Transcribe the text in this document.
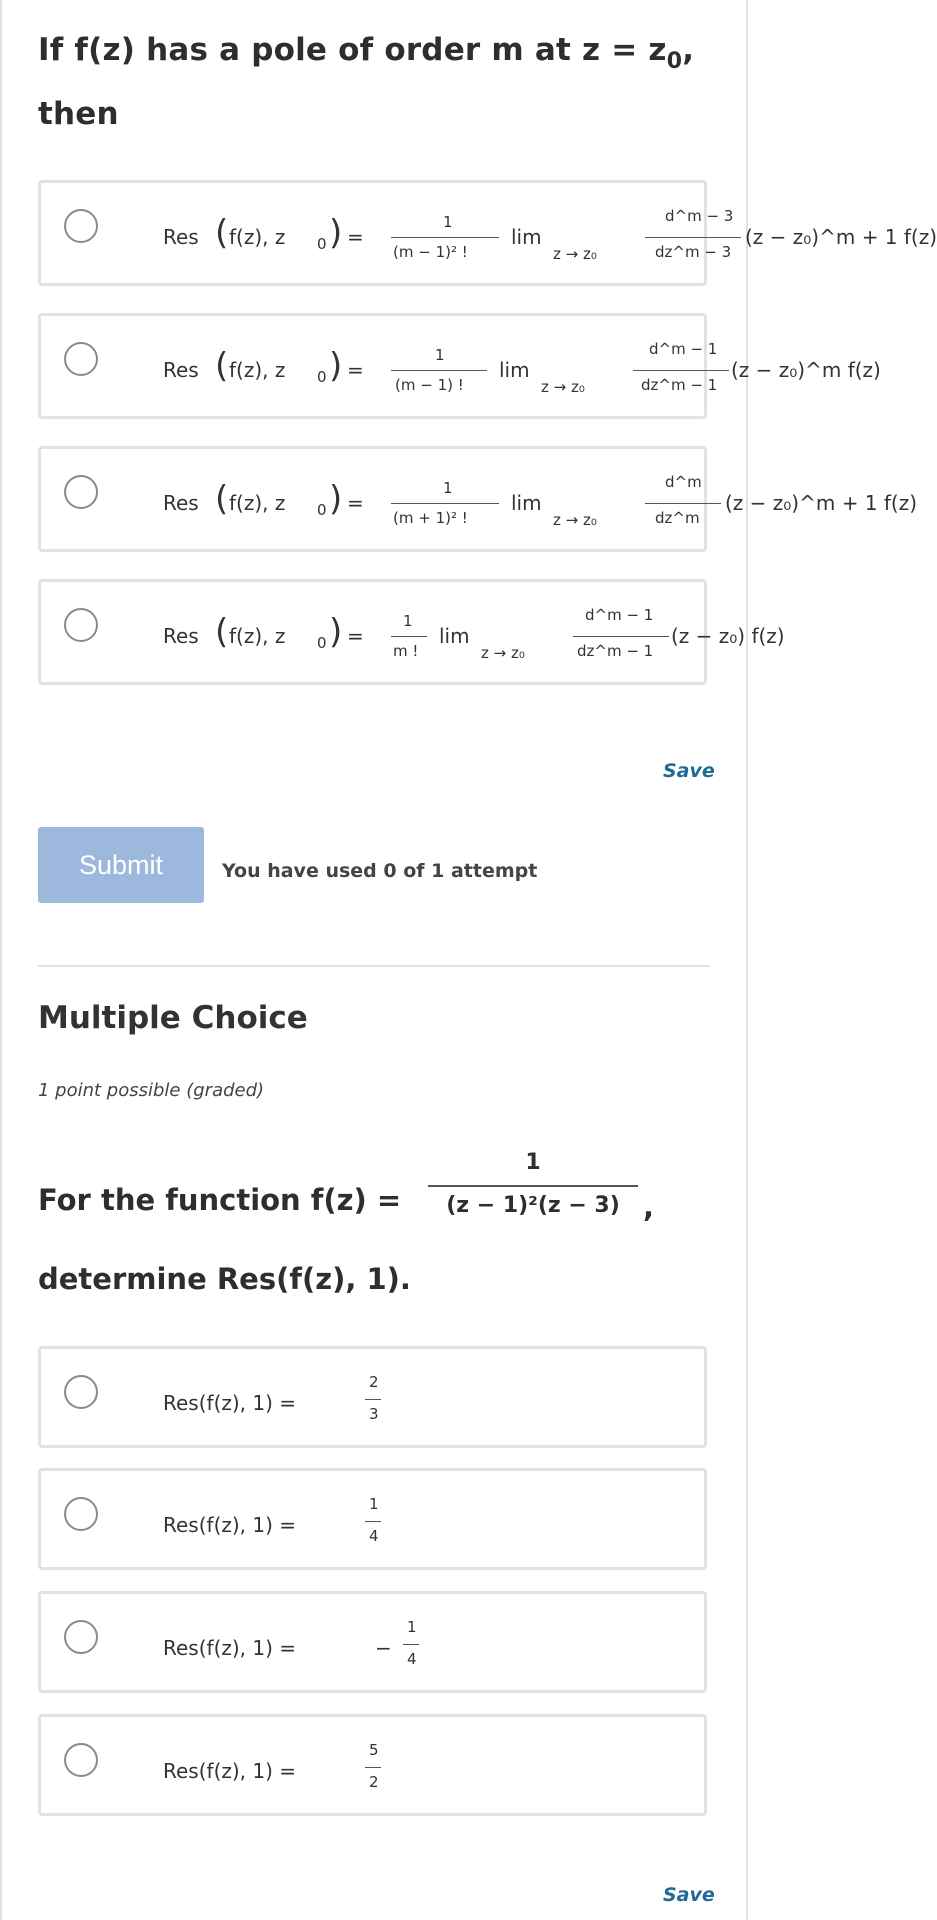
If f(z) has a pole of order m at $z = z_0$,
then
Res ( f(z), z 0 ) =
1
(m − 1)² !
lim
z → z₀
d^m − 3
dz^m − 3
(z − z₀)^m + 1 f(z)
Res ( f(z), z 0 ) =
1
(m − 1) !
lim
z → z₀
d^m − 1
dz^m − 1
(z − z₀)^m f(z)
Res ( f(z), z 0 ) =
1
(m + 1)² !
lim
z → z₀
d^m
dz^m
(z − z₀)^m + 1 f(z)
Res ( f(z), z 0 ) =
1
m !
lim
z → z₀
d^m − 1
dz^m − 1
(z − z₀) f(z)
Save
Submit	You have used 0 of 1 attempt
Multiple Choice
1 point possible (graded)
For the function f(z) =
1
(z − 1)²(z − 3) ,
determine Res(f(z), 1).
Res(f(z), 1) =
2
3
Res(f(z), 1) =
1
4
Res(f(z), 1) =	−
1
4
Res(f(z), 1) =
5
2
Save
